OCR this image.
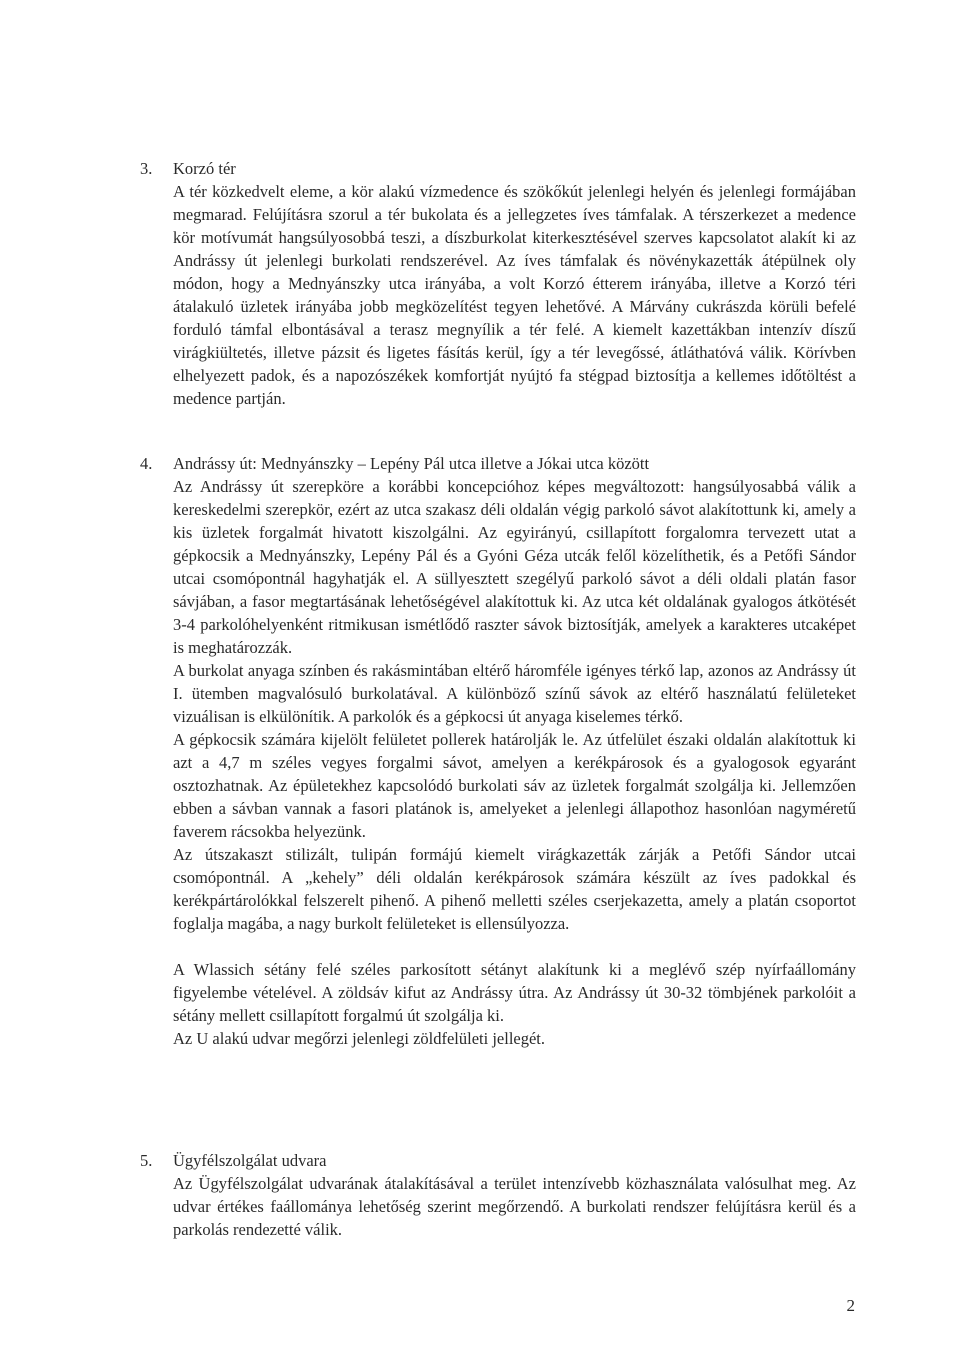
3.	Korzó tér

A tér közkedvelt eleme, a kör alakú vízmedence és szökőkút jelenlegi helyén és jelenlegi formájában megmarad. Felújításra szorul a tér bukolata és a jellegzetes íves támfalak. A térszerkezet a medence kör motívumát hangsúlyosobbá teszi, a díszburkolat kiterkesztésével szerves kapcsolatot alakít ki az Andrássy út jelenlegi burkolati rendszerével. Az íves támfalak és növénykazetták átépülnek oly módon, hogy a Mednyánszky utca irányába, a volt Korzó étterem irányába, illetve a Korzó téri átalakuló üzletek irányába jobb megközelítést tegyen lehetővé. A Márvány cukrászda körüli befelé forduló támfal elbontásával a terasz megnyílik a tér felé. A kiemelt kazettákban intenzív díszű virágkiültetés, illetve pázsit és ligetes fásítás kerül, így a tér levegőssé, átláthatóvá válik. Körívben elhelyezett padok, és a napozószékek komfortját nyújtó fa stégpad biztosítja a kellemes időtöltést a medence partján.

4.	Andrássy út: Mednyánszky – Lepény Pál utca illetve a Jókai utca között

Az Andrássy út szerepköre a korábbi koncepcióhoz képes megváltozott: hangsúlyosabbá válik a kereskedelmi szerepkör, ezért az utca szakasz déli oldalán végig parkoló sávot alakítottunk ki, amely a kis üzletek forgalmát hivatott kiszolgálni. Az egyirányú, csillapított forgalomra tervezett utat a gépkocsik a Mednyánszky, Lepény Pál és a Gyóni Géza utcák felől közelíthetik, és a Petőfi Sándor utcai csomópontnál hagyhatják el. A süllyesztett szegélyű parkoló sávot a déli oldali platán fasor sávjában, a fasor megtartásának lehetőségével alakítottuk ki. Az utca két oldalának gyalogos átkötését 3-4 parkolóhelyenként ritmikusan ismétlődő raszter sávok biztosítják, amelyek a karakteres utcaképet is meghatározzák.

A burkolat anyaga színben és rakásmintában eltérő háromféle igényes térkő lap, azonos az Andrássy út I. ütemben magvalósuló burkolatával. A különböző színű sávok az eltérő használatú felületeket vizuálisan is elkülönítik. A parkolók és a gépkocsi út anyaga kiselemes térkő.

A gépkocsik számára kijelölt felületet pollerek határolják le. Az útfelület északi oldalán alakítottuk ki azt a 4,7 m széles vegyes forgalmi sávot, amelyen a kerékpárosok és a gyalogosok egyaránt osztozhatnak. Az épületekhez kapcsolódó burkolati sáv az üzletek forgalmát szolgálja ki. Jellemzően ebben a sávban vannak a fasori platánok is, amelyeket a jelenlegi állapothoz hasonlóan nagyméretű faverem rácsokba helyezünk.

Az útszakaszt stilizált, tulipán formájú kiemelt virágkazetták zárják a Petőfi Sándor utcai csomópontnál. A „kehely” déli oldalán kerékpárosok számára készült az íves padokkal és kerékpártárolókkal felszerelt pihenő. A pihenő melletti széles cserjekazetta, amely a platán csoportot foglalja magába, a nagy burkolt felületeket is ellensúlyozza.

A Wlassich sétány felé széles parkosított sétányt alakítunk ki a meglévő szép nyírfaállomány figyelembe vételével. A zöldsáv kifut az Andrássy útra. Az Andrássy út 30-32 tömbjének parkolóit a sétány mellett csillapított forgalmú út szolgálja ki.

Az U alakú udvar megőrzi jelenlegi zöldfelületi jellegét.

5.	Ügyfélszolgálat udvara

Az Ügyfélszolgálat udvarának átalakításával a terület intenzívebb közhasználata valósulhat meg. Az udvar értékes faállománya lehetőség szerint megőrzendő. A burkolati rendszer felújításra kerül és a parkolás rendezetté válik.

2
